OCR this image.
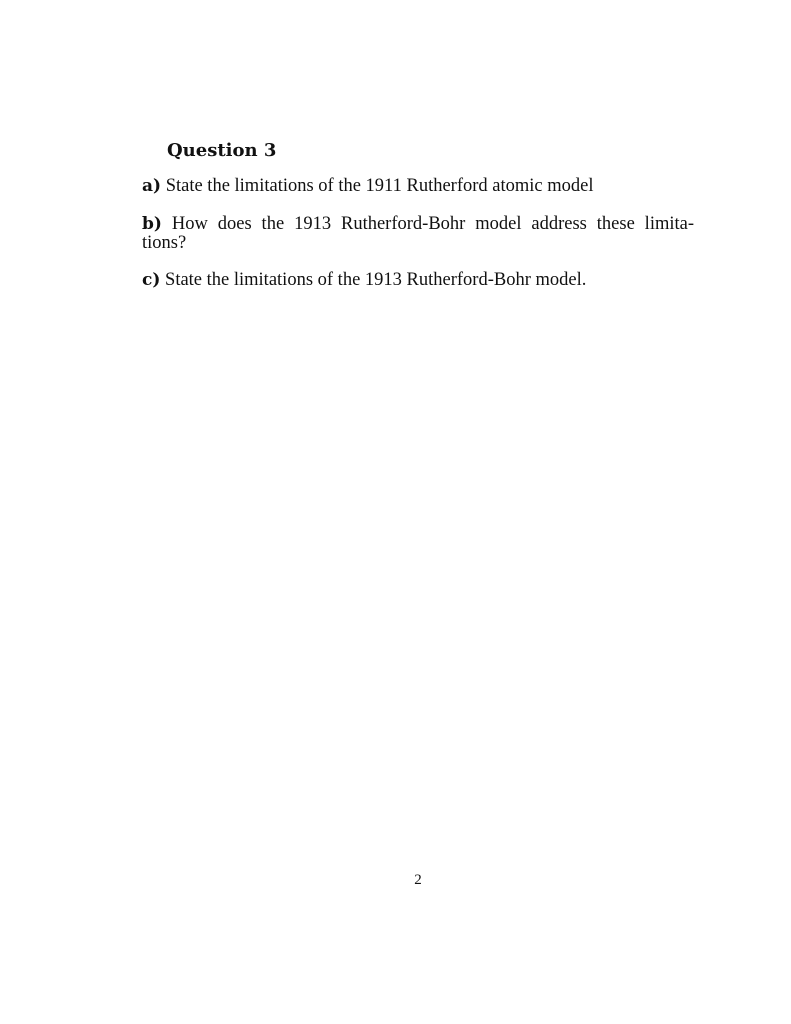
Question 3

a) State the limitations of the 1911 Rutherford atomic model

b) How does the 1913 Rutherford-Bohr model address these limita-
tions?

c) State the limitations of the 1913 Rutherford-Bohr model.

2
